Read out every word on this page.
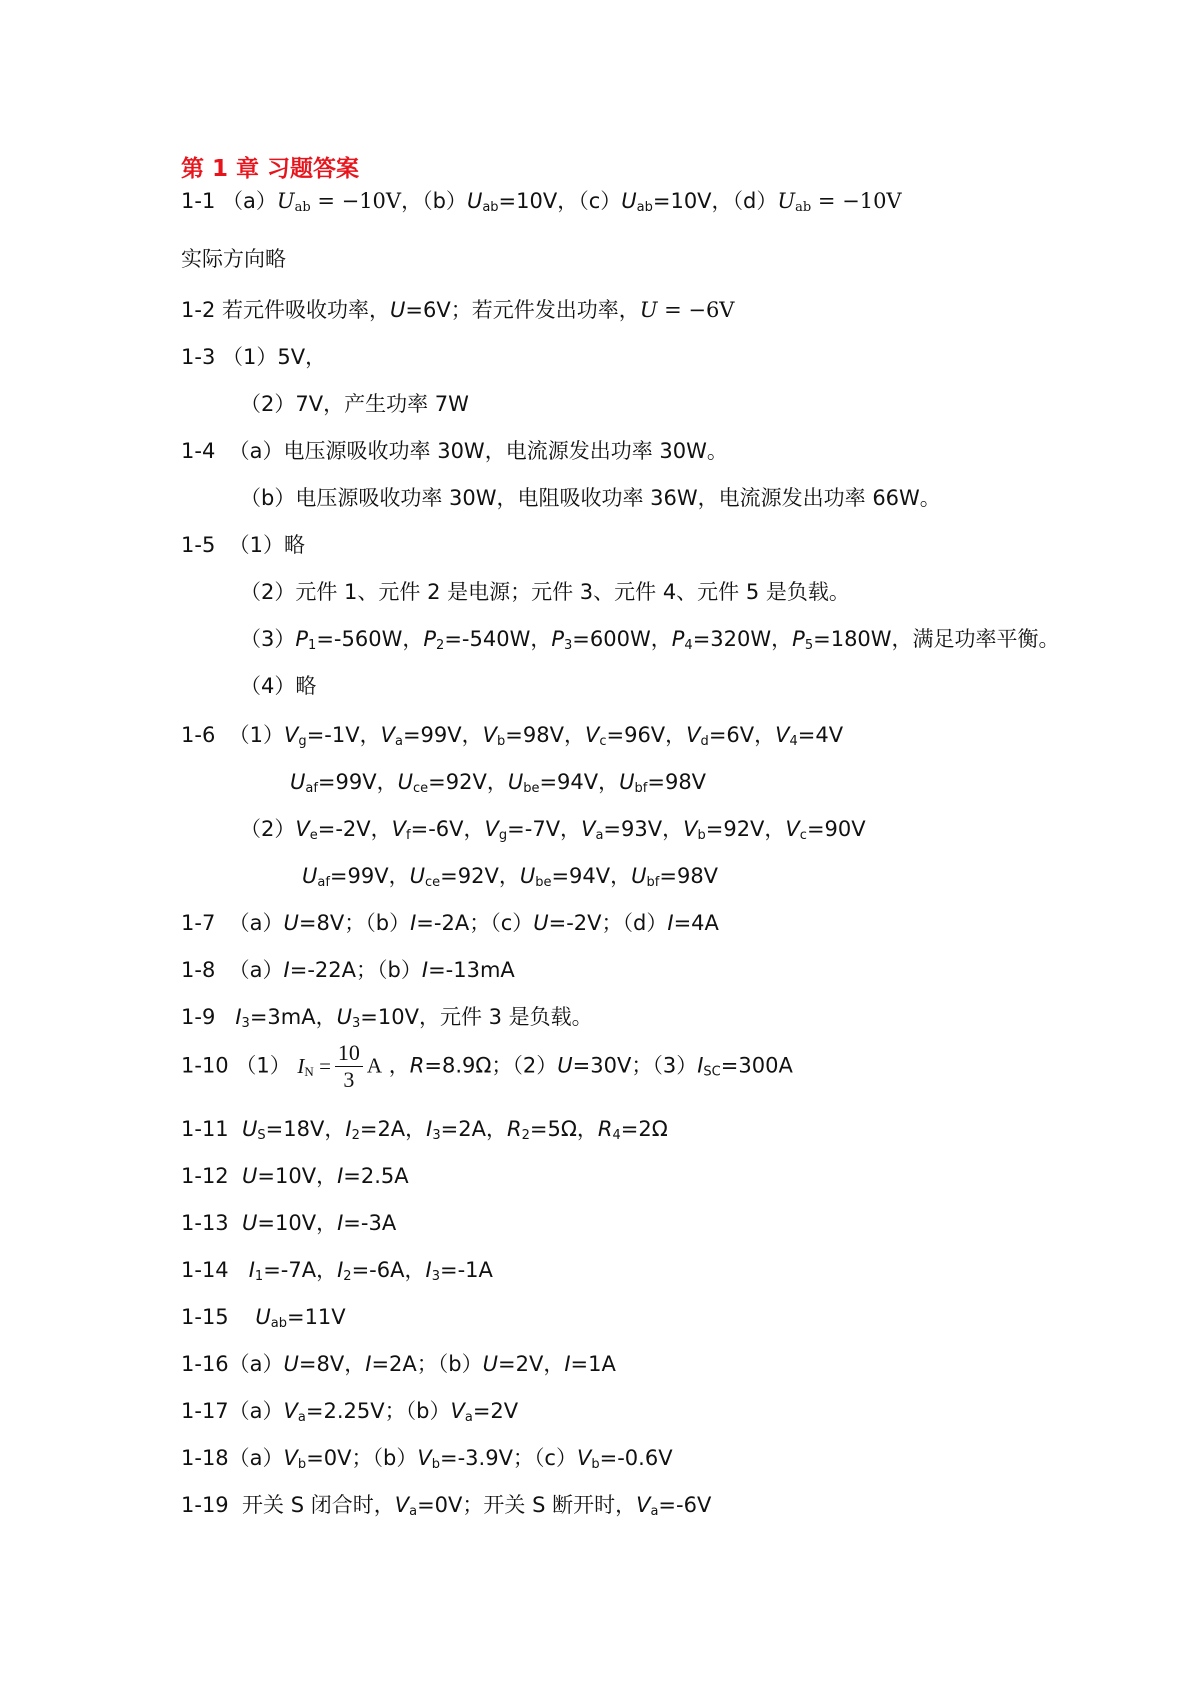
第 1 章 习题答案
1-1 $(a)U_{ab} = -10V$，$(b)U_{ab}=10V$，$(c)U_{ab}=10V$，$(d)U_{ab} = -10V$
实际方向略
1-2 若元件吸收功率，U=6V；若元件发出功率，U = −6V
1-3 （1）5V，
（2）7V，产生功率 7W
1-4 （a）电压源吸收功率 30W，电流源发出功率 30W。
（b）电压源吸收功率 30W，电阻吸收功率 36W，电流源发出功率 66W。
1-5 （1）略
（2）元件 1、元件 2 是电源；元件 3、元件 4、元件 5 是负载。
$(3)P_1=-560W$，$P_2=-540W$，$P_3=600W$，$P_4=320W$，$P_5=180W$，满足功率平衡。
（4）略
1-6 $(1)V_g=-1V$，$V_a=99V$，$V_b=98V$，$V_c=96V$，$V_d=6V$，$V_4=4V$
$U_{af}=99V$，$U_{ce}=92V$，$U_{be}=94V$，$U_{bf}=98V$
$(2)V_e=-2V$，$V_f=-6V$，$V_g=-7V$，$V_a=93V$，$V_b=92V$，$V_c=90V$
$U_{af}=99V$，$U_{ce}=92V$，$U_{be}=94V$，$U_{bf}=98V$
1-7 （a）U=8V；（b）I=-2A；（c）U=-2V；（d）I=4A
1-8 （a）I=-22A；（b）I=-13mA
1-9 $I_3=3mA$，$U_3=10V$，元件 3 是负载。
1-10 （1） $I_N = \frac{10}{3}$ A ，R=8.9Ω；（2）U=30V；$(3)I_{SC}=300A$
1-11 $U_S=18V$，$I_2=2A$，$I_3=2A$，$R_2=5\Omega$，$R_4=2\Omega$
1-12 U=10V，I=2.5A
1-13 U=10V，I=-3A
1-14 $I_1=-7A$，$I_2=-6A$，$I_3=-1A$
1-15 $U_{ab}=11V$
1-16（a）U=8V，I=2A；（b）U=2V，I=1A
$1-17(a)V_a=2.25V$；$(b)V_a=2V$
$1-18(a)V_b=0V$；$(b)V_b=-3.9V$；$(c)V_b=-0.6V$
1-19 开关 S 闭合时，$V_a=0V$；开关 S 断开时，$V_a=-6V$
